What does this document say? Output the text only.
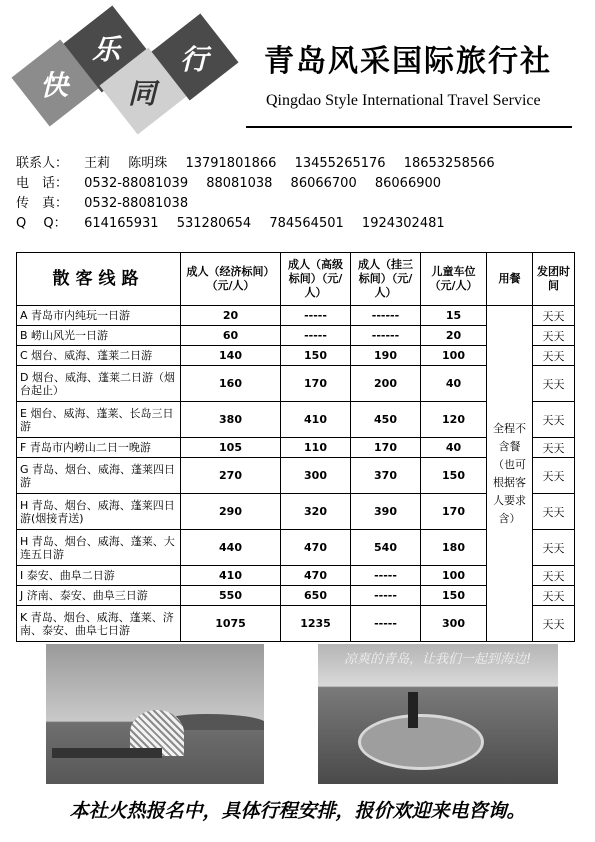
快
乐
同
行 青岛风采国际旅行社
Qingdao Style International Travel Service
联系人： 王莉 陈明珠 13791801866 13455265176 18653258566
电　话： 0532-88081039 88081038 86066700 86066900
传　真： 0532-88081038
Q　 Q： 614165931 531280654 784564501 1924302481
散客线路	成人（经济标间）（元/人）	成人（高级标间）（元/人）	成人（挂三标间）（元/人）	儿童车位（元/人）	用餐	发团时间
A 青岛市内纯玩一日游	20	-----	------	15	全程不含餐（也可根据客人要求含）	天天
B 崂山风光一日游	60	-----	------	20		天天
C 烟台、威海、蓬莱二日游	140	150	190	100		天天
D 烟台、威海、蓬莱二日游（烟台起止）	160	170	200	40		天天
E 烟台、威海、蓬莱、长岛三日游	380	410	450	120		天天
F 青岛市内崂山二日一晚游	105	110	170	40		天天
G 青岛、烟台、威海、蓬莱四日游	270	300	370	150		天天
H 青岛、烟台、威海、蓬莱四日游(烟接青送)	290	320	390	170		天天
H 青岛、烟台、威海、蓬莱、大连五日游	440	470	540	180		天天
I 泰安、曲阜二日游	410	470	-----	100		天天
J 济南、泰安、曲阜三日游	550	650	-----	150		天天
K 青岛、烟台、威海、蓬莱、济南、泰安、曲阜七日游	1075	1235	-----	300		天天
凉爽的青岛，让我们一起到海边!
本社火热报名中，具体行程安排，报价欢迎来电咨询。
